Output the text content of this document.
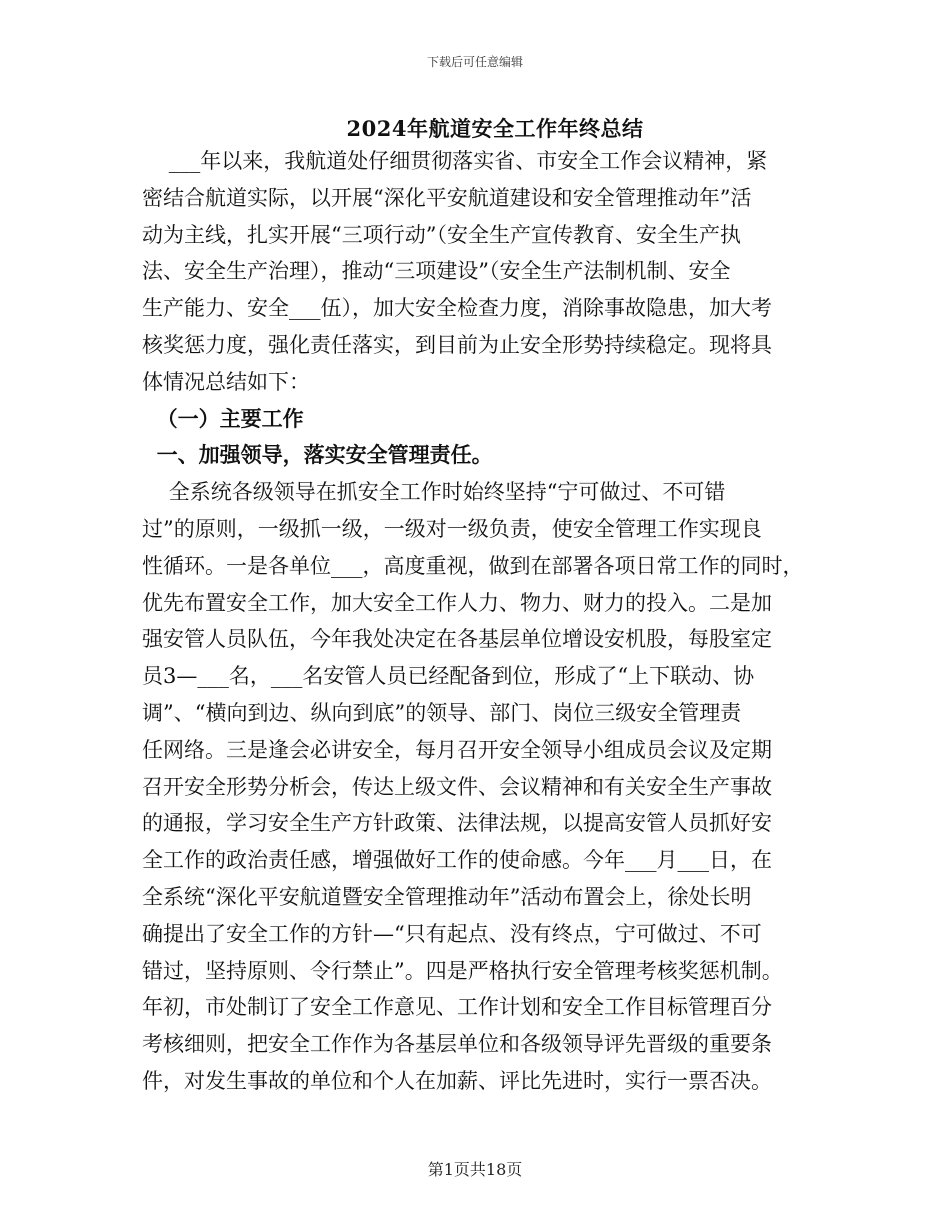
下载后可任意编辑
2024年航道安全工作年终总结
___年以来，我航道处仔细贯彻落实省、市安全工作会议精神，紧
密结合航道实际，以开展“深化平安航道建设和安全管理推动年”活
动为主线，扎实开展“三项行动”（安全生产宣传教育、安全生产执
法、安全生产治理），推动“三项建设”（安全生产法制机制、安全
生产能力、安全___伍），加大安全检查力度，消除事故隐患，加大考
核奖惩力度，强化责任落实，到目前为止安全形势持续稳定。现将具
体情况总结如下：
（一）主要工作
一、加强领导，落实安全管理责任。
全系统各级领导在抓安全工作时始终坚持“宁可做过、不可错
过”的原则，一级抓一级，一级对一级负责，使安全管理工作实现良
性循环。一是各单位___，高度重视，做到在部署各项日常工作的同时，
优先布置安全工作，加大安全工作人力、物力、财力的投入。二是加
强安管人员队伍，今年我处决定在各基层单位增设安机股，每股室定
员3—___名，___名安管人员已经配备到位，形成了“上下联动、协
调”、“横向到边、纵向到底”的领导、部门、岗位三级安全管理责
任网络。三是逢会必讲安全，每月召开安全领导小组成员会议及定期
召开安全形势分析会，传达上级文件、会议精神和有关安全生产事故
的通报，学习安全生产方针政策、法律法规，以提高安管人员抓好安
全工作的政治责任感，增强做好工作的使命感。今年___月___日，在
全系统“深化平安航道暨安全管理推动年”活动布置会上，徐处长明
确提出了安全工作的方针—“只有起点、没有终点，宁可做过、不可
错过，坚持原则、令行禁止”。四是严格执行安全管理考核奖惩机制。
年初，市处制订了安全工作意见、工作计划和安全工作目标管理百分
考核细则，把安全工作作为各基层单位和各级领导评先晋级的重要条
件，对发生事故的单位和个人在加薪、评比先进时，实行一票否决。
第1页共18页
